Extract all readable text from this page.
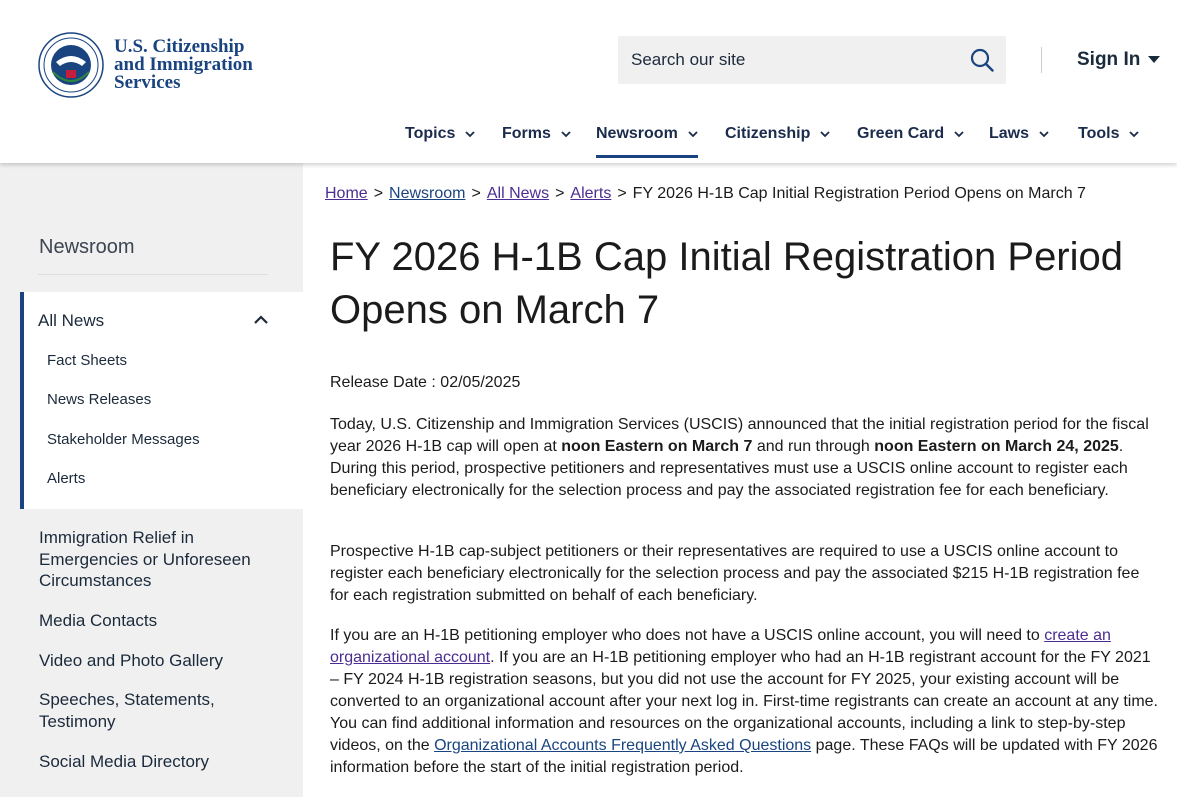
U.S. Citizenship
and Immigration
Services
Search our site
Sign In
Topics	Forms	Newsroom	Citizenship	Green Card	Laws	Tools
Newsroom
All News
Fact Sheets
News Releases
Stakeholder Messages
Alerts
Immigration Relief in Emergencies or Unforeseen Circumstances
Media Contacts
Video and Photo Gallery
Speeches, Statements, Testimony
Social Media Directory
Home > Newsroom > All News > Alerts > FY 2026 H-1B Cap Initial Registration Period Opens on March 7
FY 2026 H-1B Cap Initial Registration Period Opens on March 7
Release Date : 02/05/2025

Today, U.S. Citizenship and Immigration Services (USCIS) announced that the initial registration period for the fiscal year 2026 H-1B cap will open at noon Eastern on March 7 and run through noon Eastern on March 24, 2025. During this period, prospective petitioners and representatives must use a USCIS online account to register each beneficiary electronically for the selection process and pay the associated registration fee for each beneficiary.

Prospective H-1B cap-subject petitioners or their representatives are required to use a USCIS online account to register each beneficiary electronically for the selection process and pay the associated $215 H-1B registration fee for each registration submitted on behalf of each beneficiary.

If you are an H-1B petitioning employer who does not have a USCIS online account, you will need to create an organizational account. If you are an H-1B petitioning employer who had an H-1B registrant account for the FY 2021 – FY 2024 H-1B registration seasons, but you did not use the account for FY 2025, your existing account will be converted to an organizational account after your next log in. First-time registrants can create an account at any time. You can find additional information and resources on the organizational accounts, including a link to step-by-step videos, on the Organizational Accounts Frequently Asked Questions page. These FAQs will be updated with FY 2026 information before the start of the initial registration period.
